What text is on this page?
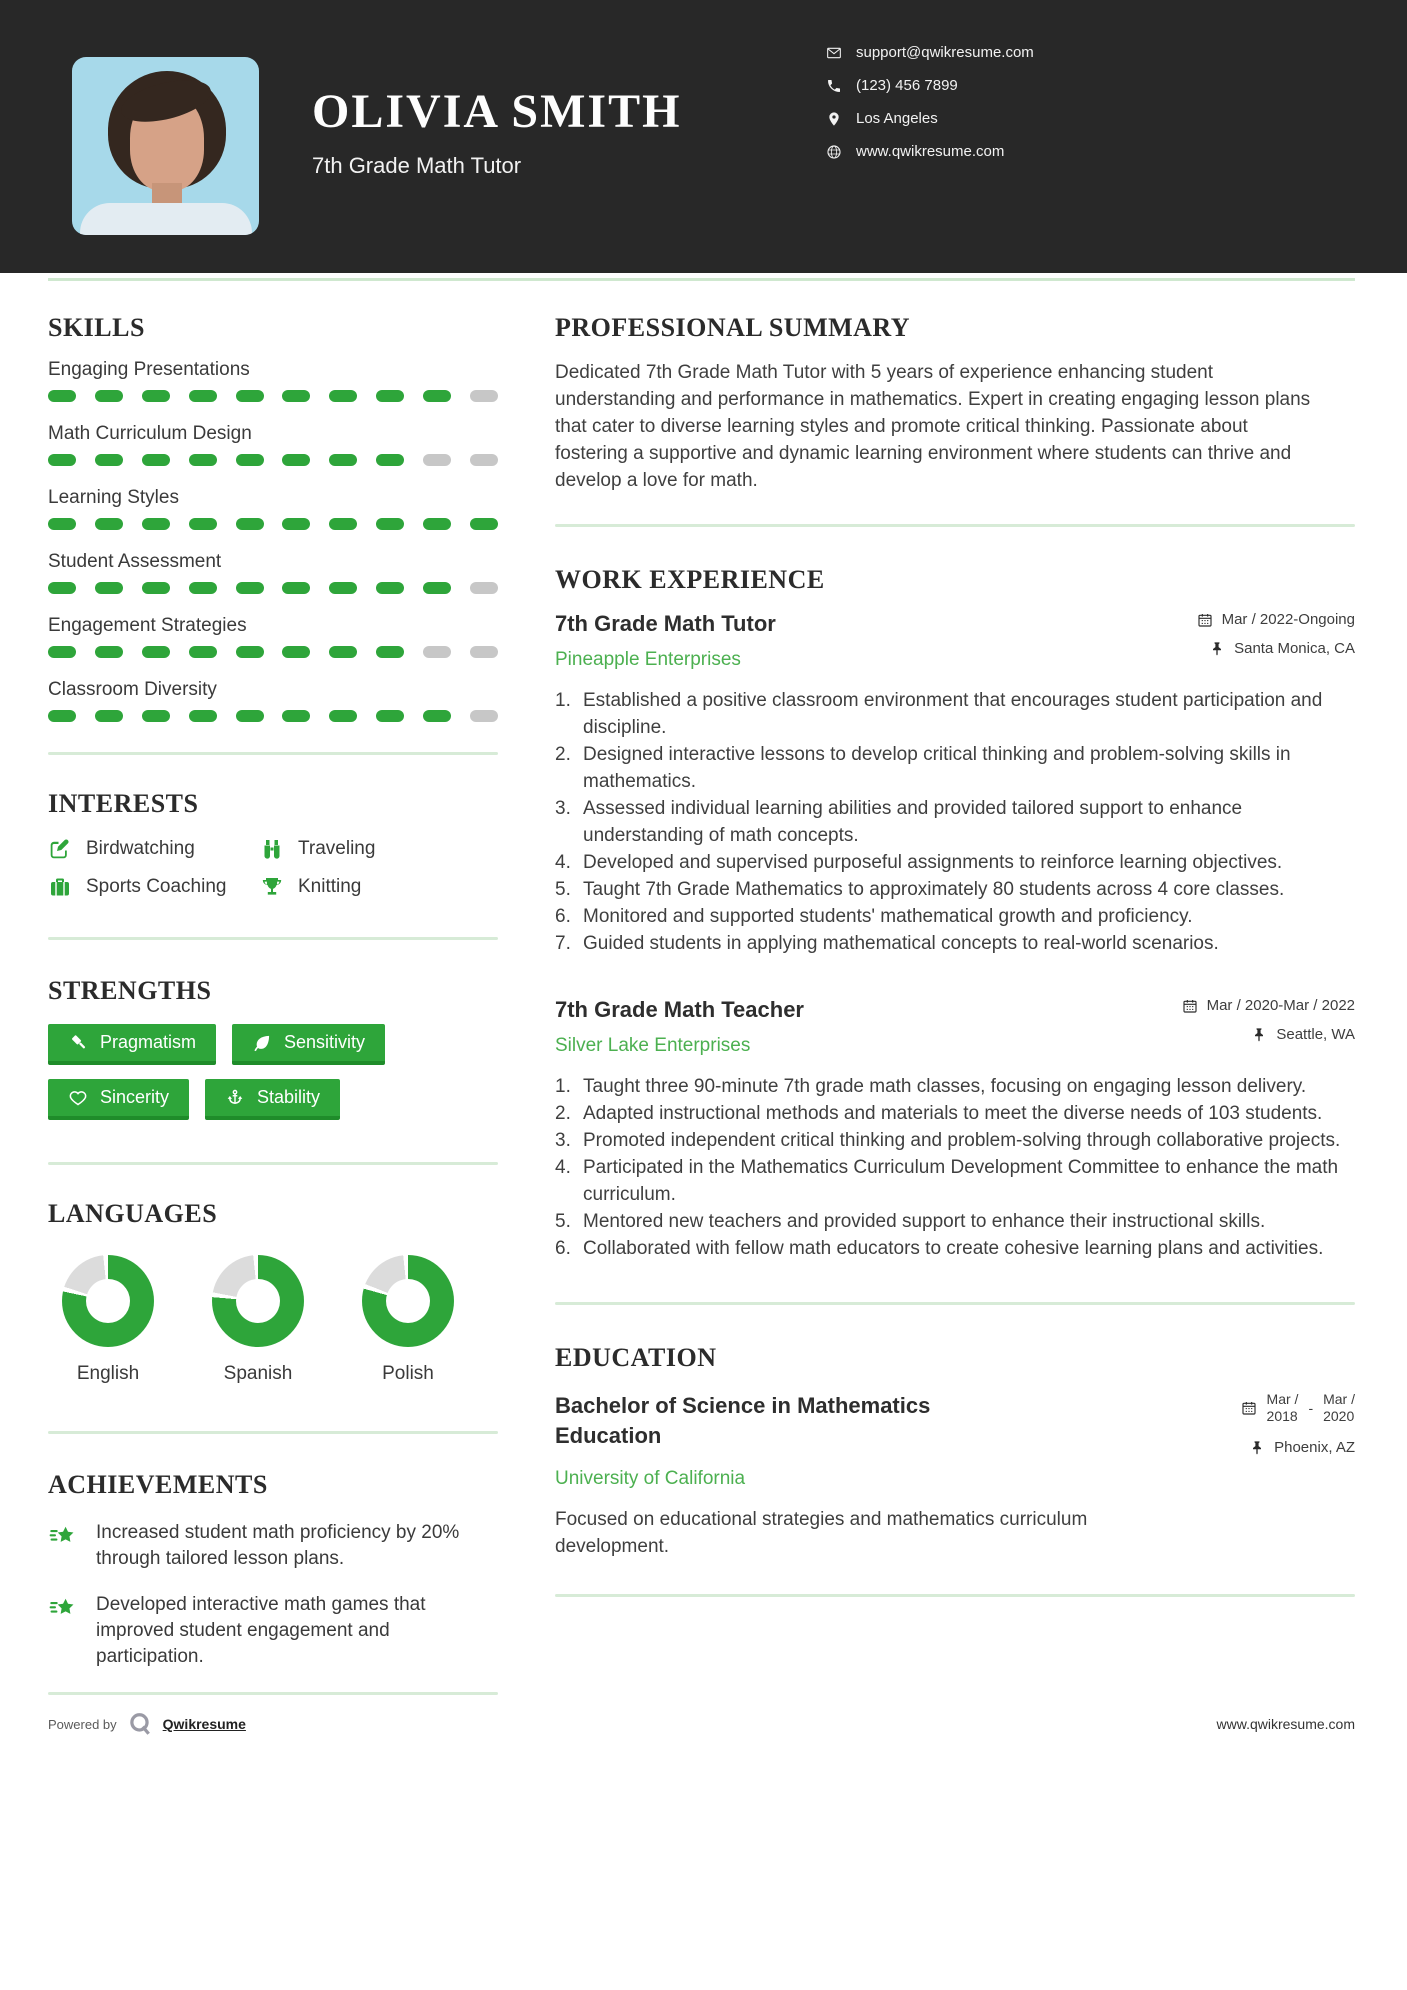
OLIVIA SMITH
7th Grade Math Tutor
support@qwikresume.com
(123) 456 7899
Los Angeles
www.qwikresume.com
SKILLS
Engaging Presentations
Math Curriculum Design
Learning Styles
Student Assessment
Engagement Strategies
Classroom Diversity
INTERESTS
Birdwatching	Traveling
Sports Coaching	Knitting
STRENGTHS
Pragmatism	Sensitivity
Sincerity	Stability
LANGUAGES
English	Spanish	Polish
ACHIEVEMENTS
Increased student math proficiency by 20% through tailored lesson plans.
Developed interactive math games that improved student engagement and participation.
PROFESSIONAL SUMMARY
Dedicated 7th Grade Math Tutor with 5 years of experience enhancing student understanding and performance in mathematics. Expert in creating engaging lesson plans that cater to diverse learning styles and promote critical thinking. Passionate about fostering a supportive and dynamic learning environment where students can thrive and develop a love for math.
WORK EXPERIENCE
7th Grade Math Tutor
Pineapple Enterprises
Mar / 2022-Ongoing
Santa Monica, CA
Established a positive classroom environment that encourages student participation and discipline.
Designed interactive lessons to develop critical thinking and problem-solving skills in mathematics.
Assessed individual learning abilities and provided tailored support to enhance understanding of math concepts.
Developed and supervised purposeful assignments to reinforce learning objectives.
Taught 7th Grade Mathematics to approximately 80 students across 4 core classes.
Monitored and supported students' mathematical growth and proficiency.
Guided students in applying mathematical concepts to real-world scenarios.
7th Grade Math Teacher
Silver Lake Enterprises
Mar / 2020-Mar / 2022
Seattle, WA
Taught three 90-minute 7th grade math classes, focusing on engaging lesson delivery.
Adapted instructional methods and materials to meet the diverse needs of 103 students.
Promoted independent critical thinking and problem-solving through collaborative projects.
Participated in the Mathematics Curriculum Development Committee to enhance the math curriculum.
Mentored new teachers and provided support to enhance their instructional skills.
Collaborated with fellow math educators to create cohesive learning plans and activities.
EDUCATION
Bachelor of Science in Mathematics Education
Mar /
2018
-
Mar /
2020
Phoenix, AZ
University of California
Focused on educational strategies and mathematics curriculum development.
Powered by	Qwikresume	www.qwikresume.com
